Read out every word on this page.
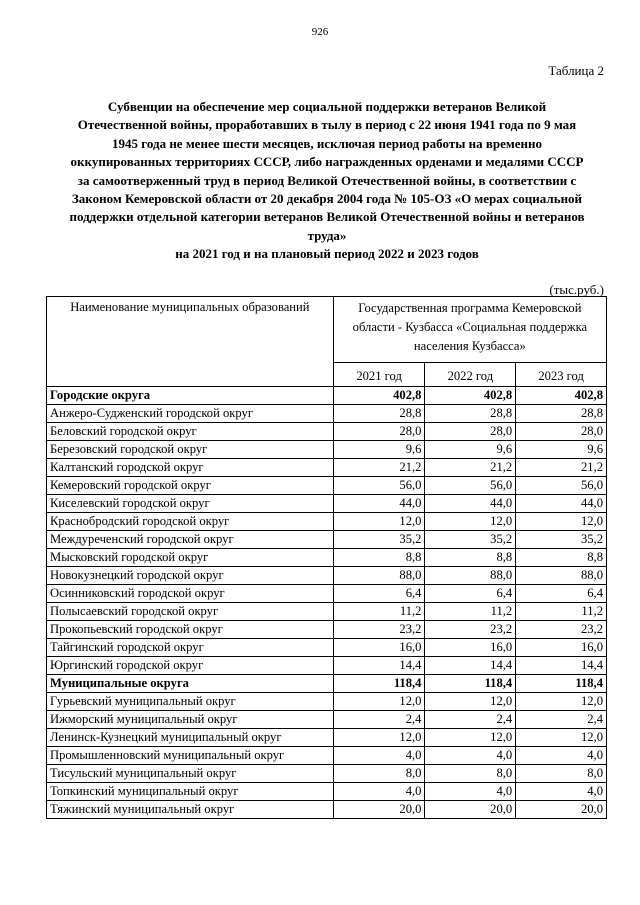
926
Таблица 2
Субвенции на обеспечение мер социальной поддержки ветеранов Великой
Отечественной войны, проработавших в тылу в период с 22 июня 1941 года по 9 мая
1945 года не менее шести месяцев, исключая период работы на временно
оккупированных территориях СССР, либо награжденных орденами и медалями СССР
за самоотверженный труд в период Великой Отечественной войны, в соответствии с
Законом Кемеровской области от 20 декабря 2004 года № 105-ОЗ «О мерах социальной
поддержки отдельной категории ветеранов Великой Отечественной войны и ветеранов
труда»
на 2021 год и на плановый период 2022 и 2023 годов
(тыс.руб.)
Наименование муниципальных образований	Государственная программа Кемеровской области - Кузбасса «Социальная поддержка населения Кузбасса»		
	2021 год	2022 год	2023 год
Городские округа	402,8	402,8	402,8
Анжеро-Судженский городской округ	28,8	28,8	28,8
Беловский городской округ	28,0	28,0	28,0
Березовский городской округ	9,6	9,6	9,6
Калтанский городской округ	21,2	21,2	21,2
Кемеровский городской округ	56,0	56,0	56,0
Киселевский городской округ	44,0	44,0	44,0
Краснобродский городской округ	12,0	12,0	12,0
Междуреченский городской округ	35,2	35,2	35,2
Мысковский городской округ	8,8	8,8	8,8
Новокузнецкий городской округ	88,0	88,0	88,0
Осинниковский городской округ	6,4	6,4	6,4
Полысаевский городской округ	11,2	11,2	11,2
Прокопьевский городской округ	23,2	23,2	23,2
Тайгинский городской округ	16,0	16,0	16,0
Юргинский городской округ	14,4	14,4	14,4
Муниципальные округа	118,4	118,4	118,4
Гурьевский муниципальный округ	12,0	12,0	12,0
Ижморский муниципальный округ	2,4	2,4	2,4
Ленинск-Кузнецкий муниципальный округ	12,0	12,0	12,0
Промышленновский муниципальный округ	4,0	4,0	4,0
Тисульский муниципальный округ	8,0	8,0	8,0
Топкинский муниципальный округ	4,0	4,0	4,0
Тяжинский муниципальный округ	20,0	20,0	20,0
